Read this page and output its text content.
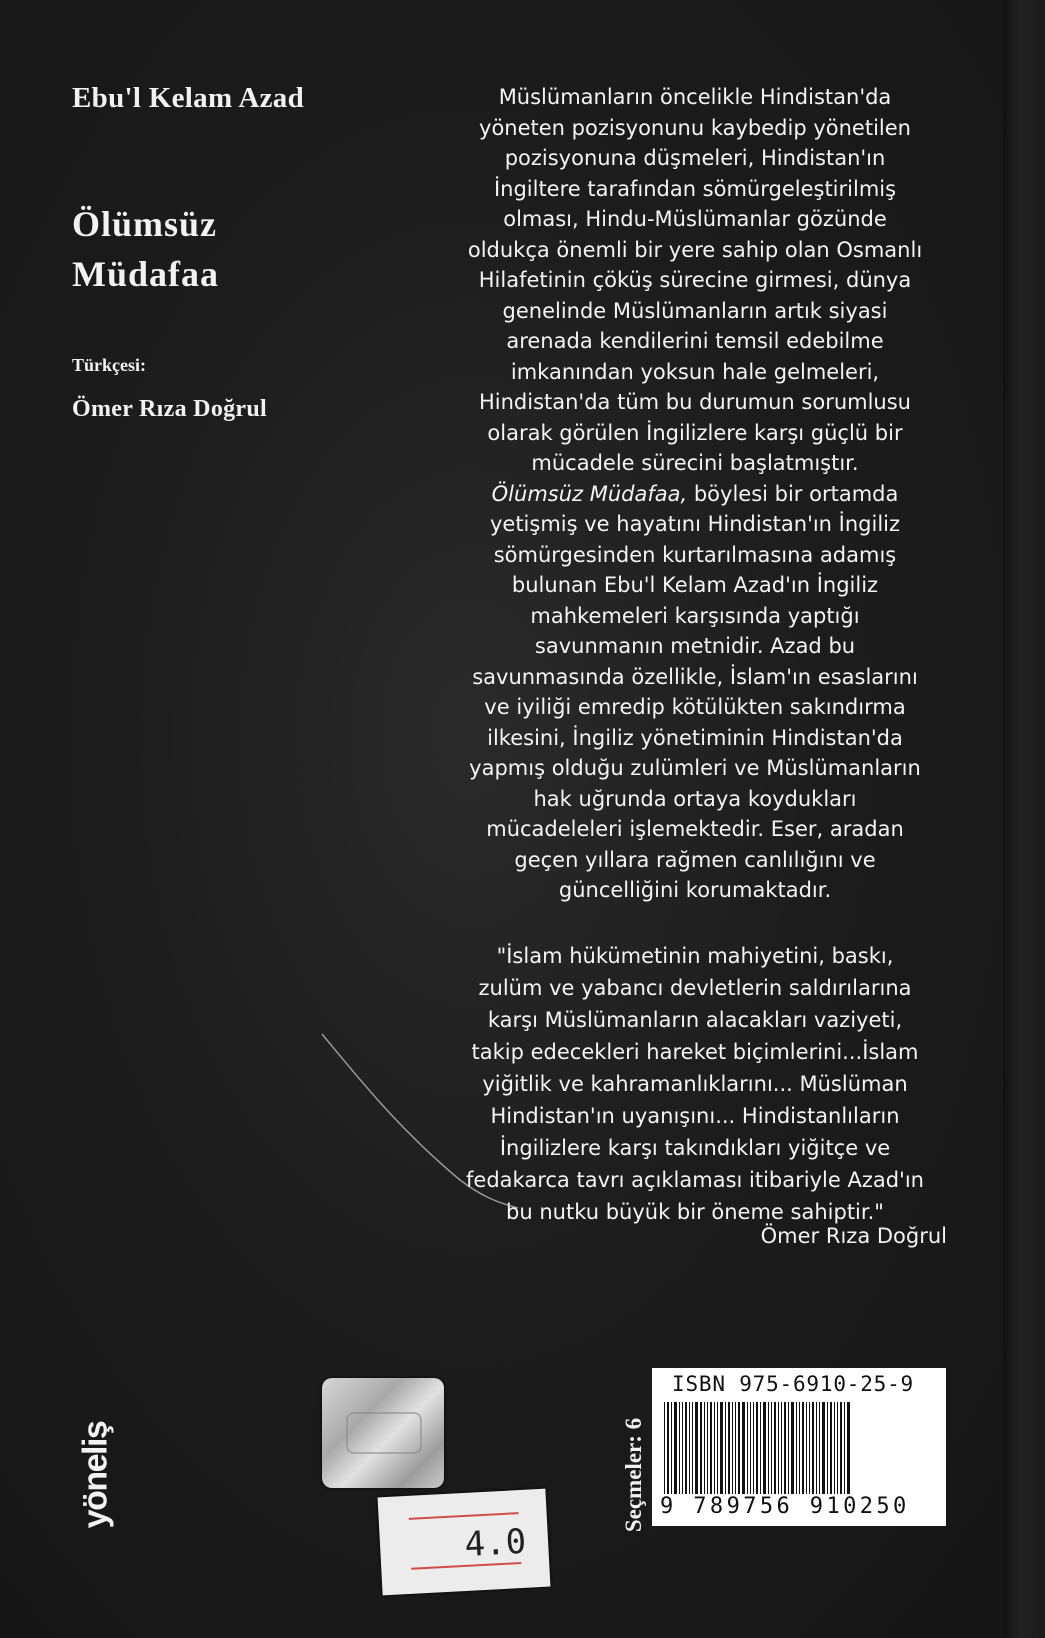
Ebu'l Kelam Azad

Ölümsüz
Müdafaa
Türkçesi:
Ömer Rıza Doğrul

Müslümanların öncelikle Hindistan'da

yöneten pozisyonunu kaybedip yönetilen

pozisyonuna düşmeleri, Hindistan'ın

İngiltere tarafından sömürgeleştirilmiş

olması, Hindu-Müslümanlar gözünde

oldukça önemli bir yere sahip olan Osmanlı

Hilafetinin çöküş sürecine girmesi, dünya

genelinde Müslümanların artık siyasi

arenada kendilerini temsil edebilme

imkanından yoksun hale gelmeleri,

Hindistan'da tüm bu durumun sorumlusu

olarak görülen İngilizlere karşı güçlü bir

mücadele sürecini başlatmıştır.

Ölümsüz Müdafaa, böylesi bir ortamda

yetişmiş ve hayatını Hindistan'ın İngiliz

sömürgesinden kurtarılmasına adamış

bulunan Ebu'l Kelam Azad'ın İngiliz

mahkemeleri karşısında yaptığı

savunmanın metnidir. Azad bu

savunmasında özellikle, İslam'ın esaslarını

ve iyiliği emredip kötülükten sakındırma

ilkesini, İngiliz yönetiminin Hindistan'da

yapmış olduğu zulümleri ve Müslümanların

hak uğrunda ortaya koydukları

mücadeleleri işlemektedir. Eser, aradan

geçen yıllara rağmen canlılığını ve

güncelliğini korumaktadır.

"İslam hükümetinin mahiyetini, baskı,

zulüm ve yabancı devletlerin saldırılarına

karşı Müslümanların alacakları vaziyeti,

takip edecekleri hareket biçimlerini...İslam

yiğitlik ve kahramanlıklarını... Müslüman

Hindistan'ın uyanışını... Hindistanlıların

İngilizlere karşı takındıkları yiğitçe ve

fedakarca tavrı açıklaması itibariyle Azad'ın

bu nutku büyük bir öneme sahiptir."

Ömer Rıza Doğrul
yöneliş
4.0
Seçmeler: 6
ISBN 975-6910-25-9
9 789756 910250
